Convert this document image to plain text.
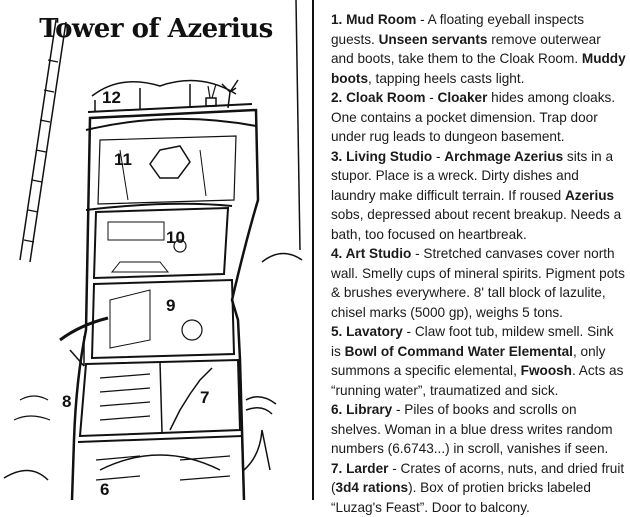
Tower of Azerius
12
11
10
9
8	7
6

1. Mud Room - A floating eyeball inspects guests. Unseen servants remove outerwear and boots, take them to the Cloak Room. Muddy boots, tapping heels casts light.

2. Cloak Room - Cloaker hides among cloaks. One contains a pocket dimension. Trap door under rug leads to dungeon basement.

3. Living Studio - Archmage Azerius sits in a stupor. Place is a wreck. Dirty dishes and laundry make difficult terrain. If roused Azerius sobs, depressed about recent breakup. Needs a bath, too focused on heartbreak.

4. Art Studio - Stretched canvases cover north wall. Smelly cups of mineral spirits. Pigment pots & brushes everywhere. 8' tall block of lazulite, chisel marks (5000 gp), weighs 5 tons.

5. Lavatory - Claw foot tub, mildew smell. Sink is Bowl of Command Water Elemental, only summons a specific elemental, Fwoosh. Acts as “running water”, traumatized and sick.

6. Library - Piles of books and scrolls on shelves. Woman in a blue dress writes random numbers (6.6743...) in scroll, vanishes if seen.

7. Larder - Crates of acorns, nuts, and dried fruit (3d4 rations). Box of protien bricks labeled “Luzag's Feast”. Door to balcony.
